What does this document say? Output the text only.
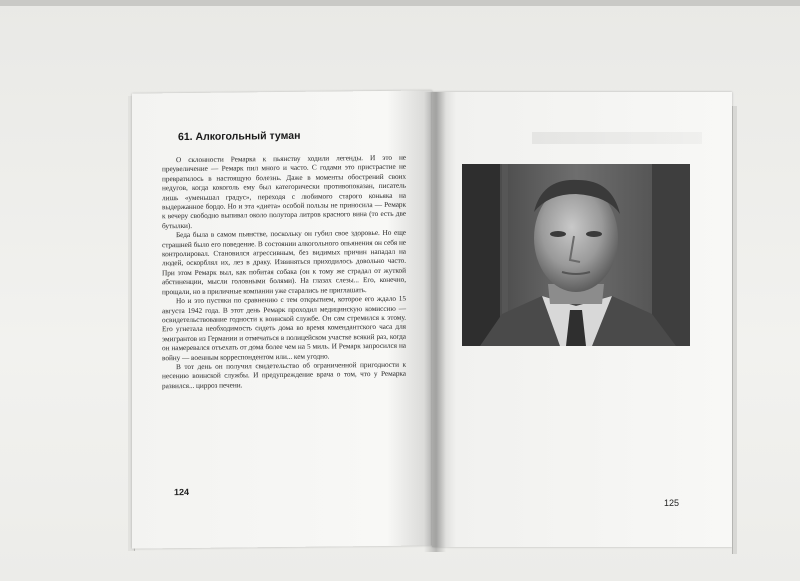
61. Алкогольный туман

О склонности Ремарка к пьянству ходили легенды. И это не преувеличение — Ремарк пил много и часто. С годами это пристрастие не превратилось в настоящую болезнь. Даже в моменты обострений своих недугов, когда кокоголь ему был категорически противопоказан, писатель лишь «уменьшал градус», переходя с любимого старого коньяка на выдержанное бордо. Но и эта «диета» особой пользы не приносила — Ремарк к вечеру свободно выпивал около полутора литров красного вина (то есть две бутылки).

Беда была в самом пьянстве, поскольку он губил свое здоровье. Но еще страшней было его поведение. В состоянии алкогольного опьянения он себя не контролировал. Становился агрессивным, без видимых причин нападал на людей, оскорблял их, лез в драку. Извиняться приходилось довольно часто. При этом Ремарк выл, как побитая собака (он к тому же страдал от жуткой абстиненции, мысли головными болями). На глазах слезы... Его, конечно, прощали, но в приличные компании уже старались не приглашать.

Но и это пустяки по сравнению с тем открытием, которое его ждало 15 августа 1942 года. В этот день Ремарк проходил медицинскую комиссию — освидетельствование годности к воинской службе. Он сам стремился к этому. Его угнетала необходимость сидеть дома во время комендантского часа для эмигрантов из Германии и отмечаться в полицейском участке всякий раз, когда он намеревался отъехать от дома более чем на 5 миль. И Ремарк запросился на войну — военным корреспондентом или... кем угодно.

В тот день он получил свидетельство об ограниченной пригодности к несению воинской службы. И предупреждение врача о том, что у Ремарка развился... цирроз печени.

124
125
